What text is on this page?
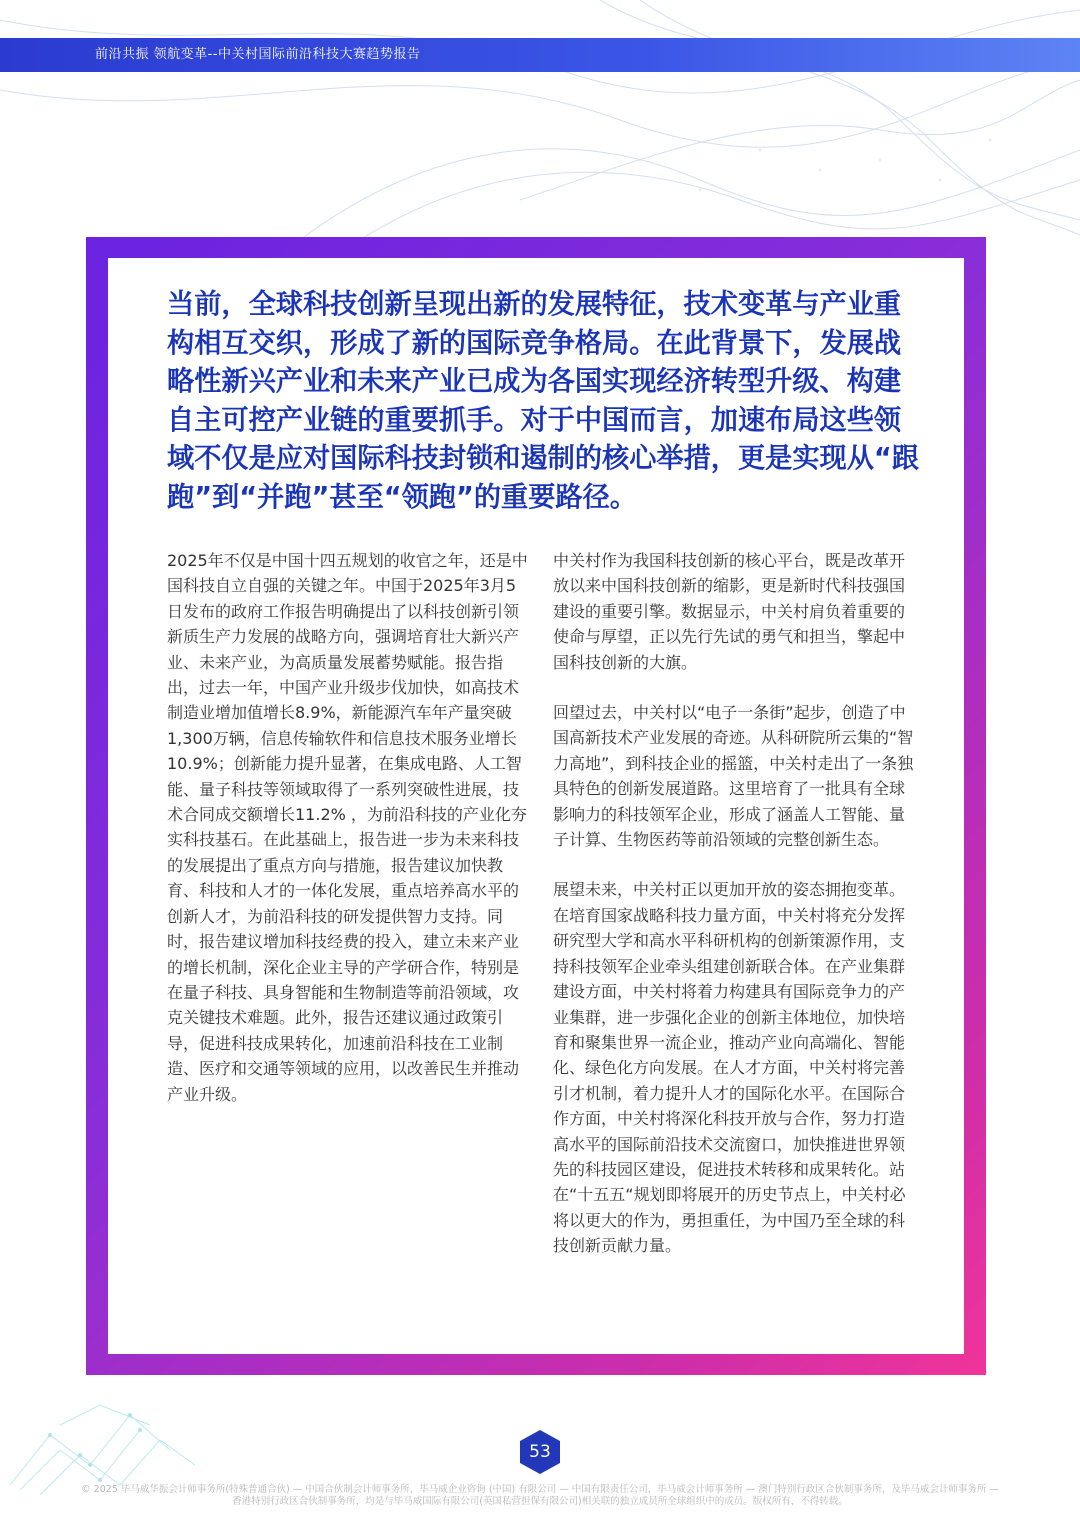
前沿共振 领航变革--中关村国际前沿科技大赛趋势报告

当前，全球科技创新呈现出新的发展特征，技术变革与产业重构相互交织，形成了新的国际竞争格局。在此背景下，发展战略性新兴产业和未来产业已成为各国实现经济转型升级、构建自主可控产业链的重要抓手。对于中国而言，加速布局这些领域不仅是应对国际科技封锁和遏制的核心举措，更是实现从“跟跑”到“并跑”甚至“领跑”的重要路径。

2025年不仅是中国十四五规划的收官之年，还是中国科技自立自强的关键之年。中国于2025年3月5日发布的政府工作报告明确提出了以科技创新引领新质生产力发展的战略方向，强调培育壮大新兴产业、未来产业，为高质量发展蓄势赋能。报告指出，过去一年，中国产业升级步伐加快，如高技术制造业增加值增长8.9%，新能源汽车年产量突破1,300万辆，信息传输软件和信息技术服务业增长10.9%；创新能力提升显著，在集成电路、人工智能、量子科技等领域取得了一系列突破性进展，技术合同成交额增长11.2% ，为前沿科技的产业化夯实科技基石。在此基础上，报告进一步为未来科技的发展提出了重点方向与措施，报告建议加快教育、科技和人才的一体化发展，重点培养高水平的创新人才，为前沿科技的研发提供智力支持。同时，报告建议增加科技经费的投入，建立未来产业的增长机制，深化企业主导的产学研合作，特别是在量子科技、具身智能和生物制造等前沿领域，攻克关键技术难题。此外，报告还建议通过政策引导，促进科技成果转化，加速前沿科技在工业制造、医疗和交通等领域的应用，以改善民生并推动产业升级。

中关村作为我国科技创新的核心平台，既是改革开放以来中国科技创新的缩影，更是新时代科技强国建设的重要引擎。数据显示，中关村肩负着重要的使命与厚望，正以先行先试的勇气和担当，擎起中国科技创新的大旗。

回望过去，中关村以“电子一条街”起步，创造了中国高新技术产业发展的奇迹。从科研院所云集的“智力高地”，到科技企业的摇篮，中关村走出了一条独具特色的创新发展道路。这里培育了一批具有全球影响力的科技领军企业，形成了涵盖人工智能、量子计算、生物医药等前沿领域的完整创新生态。

展望未来，中关村正以更加开放的姿态拥抱变革。在培育国家战略科技力量方面，中关村将充分发挥研究型大学和高水平科研机构的创新策源作用，支持科技领军企业牵头组建创新联合体。在产业集群建设方面，中关村将着力构建具有国际竞争力的产业集群，进一步强化企业的创新主体地位，加快培育和聚集世界一流企业，推动产业向高端化、智能化、绿色化方向发展。在人才方面，中关村将完善引才机制，着力提升人才的国际化水平。在国际合作方面，中关村将深化科技开放与合作，努力打造高水平的国际前沿技术交流窗口，加快推进世界领先的科技园区建设，促进技术转移和成果转化。站在“十五五“规划即将展开的历史节点上，中关村必将以更大的作为，勇担重任，为中国乃至全球的科技创新贡献力量。

53
© 2025 毕马威华振会计师事务所(特殊普通合伙) — 中国合伙制会计师事务所，毕马威企业咨询 (中国) 有限公司 — 中国有限责任公司，毕马威会计师事务所 — 澳门特别行政区合伙制事务所，及毕马威会计师事务所 —
香港特别行政区合伙制事务所，均是与毕马威国际有限公司(英国私营担保有限公司)相关联的独立成员所全球组织中的成员。版权所有，不得转载。
